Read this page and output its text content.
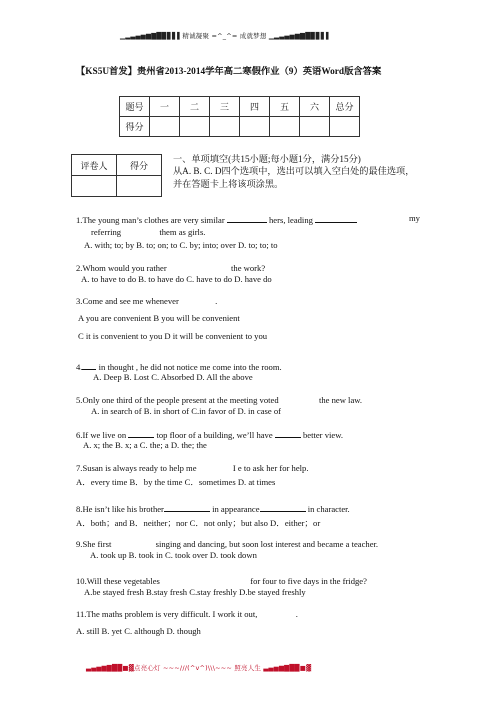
▁▂▃▄▅▆▇█▉▊▋▌精诚凝聚 =^_^= 成就梦想 ▁▂▃▄▅▆▇█▉▊▋▌
【KS5U首发】贵州省2013-2014学年高二寒假作业（9）英语Word版含答案
题号	一	二	三	四	五	六	总分
得分							
评卷人	得分

一、单项填空(共15小题;每小题1分，满分15分)
从A. B. C. D四个选项中，选出可以填入空白处的最佳选项，并在答题卡上将该项涂黑。
1.The young man’s clothes are very similar	hers, leading	my
referring	them as girls.
A. with; to; by B. to; on; to C. by; into; over D. to; to; to
2.Whom would you rather	the work?
A. to have to do B. to have do C. have to do D. have do
3.Come and see me whenever	.
A you are convenient B you will be convenient
C it is convenient to you D it will be convenient to you
4. in thought , he did not notice me come into the room.
A. Deep B. Lost C. Absorbed D. All the above
5.Only one third of the people present at the meeting voted	the new law.
A. in search of B. in short of C.in favor of D. in case of
6.If we live on	top floor of a building, we’ll have	better view.
A. x; the B. x; a C. the; a D. the; the
7.Susan is always ready to help me	I e to ask her for help.
A．every time B．by the time C．sometimes D. at times
8.He isn’t like his brother	in appearance	in character.
A．both；and B．neither；nor C．not only；but also D．either；or
9.She first	singing and dancing, but soon lost interest and became a teacher.
A. took up B. took in C. took over D. took down
10.Will these vegetables	for four to five days in the fridge?
A.be stayed fresh B.stay fresh C.stay freshly D.be stayed freshly
11.The maths problem is very difficult. I work it out,	.
A. still B. yet C. although D. though
▃▄▅▆▇██■▓点亮心灯 ~~~///(^v^)\\\~~~ 照亮人生 ▃▄▅▆▇██■▓
